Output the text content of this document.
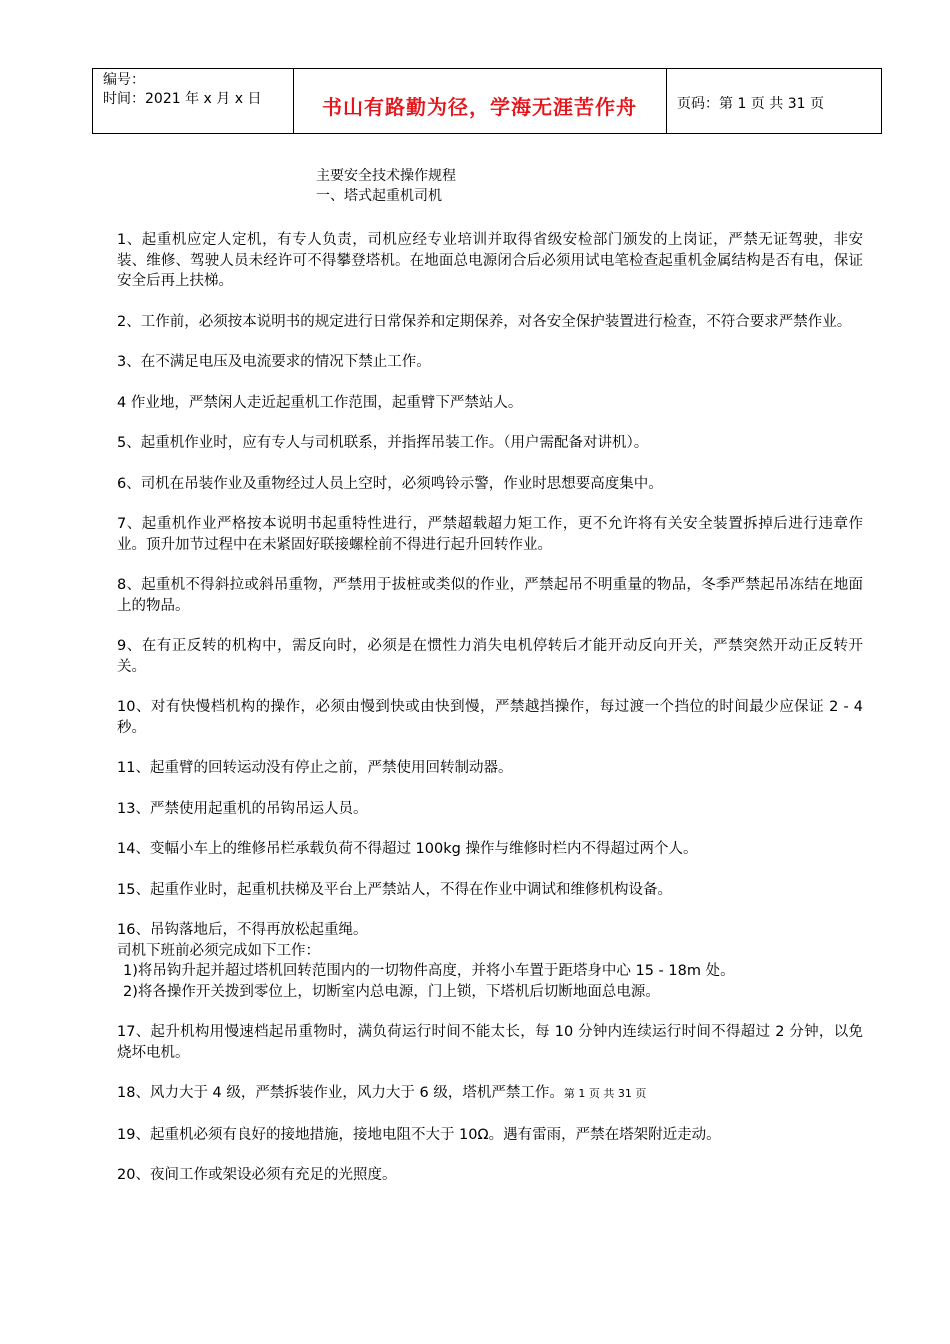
编号：
时间：2021 年 x 月 x 日	书山有路勤为径，学海无涯苦作舟	页码：第 1 页 共 31 页
主要安全技术操作规程
一、塔式起重机司机

1、起重机应定人定机，有专人负责，司机应经专业培训并取得省级安检部门颁发的上岗证，严禁无证驾驶，非安装、维修、驾驶人员未经许可不得攀登塔机。在地面总电源闭合后必须用试电笔检查起重机金属结构是否有电，保证安全后再上扶梯。

2、工作前，必须按本说明书的规定进行日常保养和定期保养，对各安全保护装置进行检查，不符合要求严禁作业。

3、在不满足电压及电流要求的情况下禁止工作。

4 作业地，严禁闲人走近起重机工作范围，起重臂下严禁站人。

5、起重机作业时，应有专人与司机联系，并指挥吊装工作。（用户需配备对讲机）。

6、司机在吊装作业及重物经过人员上空时，必须鸣铃示警，作业时思想要高度集中。

7、起重机作业严格按本说明书起重特性进行，严禁超载超力矩工作，更不允许将有关安全装置拆掉后进行违章作业。顶升加节过程中在未紧固好联接螺栓前不得进行起升回转作业。

8、起重机不得斜拉或斜吊重物，严禁用于拔桩或类似的作业，严禁起吊不明重量的物品，冬季严禁起吊冻结在地面上的物品。

9、在有正反转的机构中，需反向时，必须是在惯性力消失电机停转后才能开动反向开关，严禁突然开动正反转开关。

10、对有快慢档机构的操作，必须由慢到快或由快到慢，严禁越挡操作，每过渡一个挡位的时间最少应保证 2 - 4 秒。

11、起重臂的回转运动没有停止之前，严禁使用回转制动器。

13、严禁使用起重机的吊钩吊运人员。

14、变幅小车上的维修吊栏承载负荷不得超过 100kg 操作与维修时栏内不得超过两个人。

15、起重作业时，起重机扶梯及平台上严禁站人，不得在作业中调试和维修机构设备。

16、吊钩落地后，不得再放松起重绳。

司机下班前必须完成如下工作：

1)将吊钩升起并超过塔机回转范围内的一切物件高度，并将小车置于距塔身中心 15 - 18m 处。

2)将各操作开关拨到零位上，切断室内总电源，门上锁，下塔机后切断地面总电源。

17、起升机构用慢速档起吊重物时，满负荷运行时间不能太长，每 10 分钟内连续运行时间不得超过 2 分钟，以免烧坏电机。

18、风力大于 4 级，严禁拆装作业，风力大于 6 级，塔机严禁工作。第 1 页 共 31 页

19、起重机必须有良好的接地措施，接地电阻不大于 10Ω。遇有雷雨，严禁在塔架附近走动。

20、夜间工作或架设必须有充足的光照度。
